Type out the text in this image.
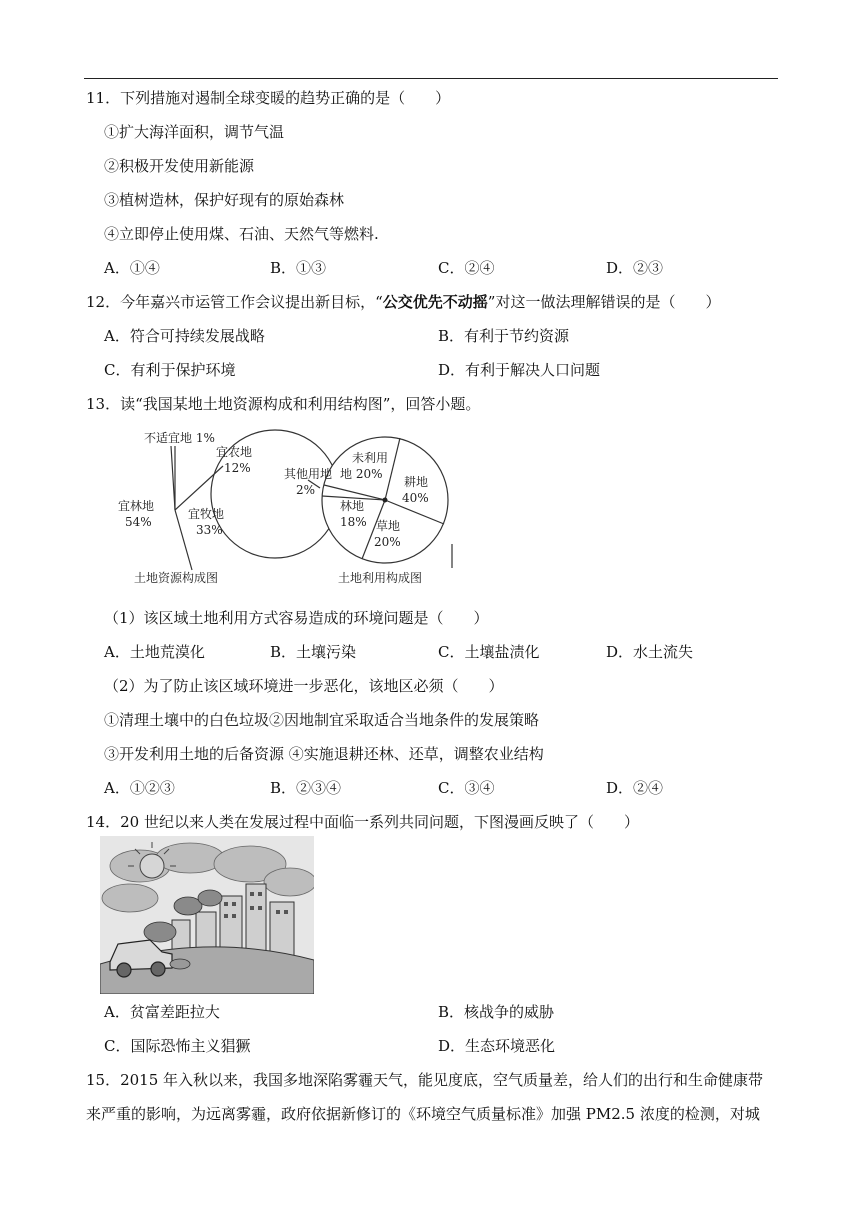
11．下列措施对遏制全球变暖的趋势正确的是（　　）
①扩大海洋面积，调节气温
②积极开发使用新能源
③植树造林，保护好现有的原始森林
④立即停止使用煤、石油、天然气等燃料.
A．①④	B．①③	C．②④	D．②③
12．今年嘉兴市运管工作会议提出新目标，“公交优先不动摇”对这一做法理解错误的是（　　）
A．符合可持续发展战略	B．有利于节约资源
C．有利于保护环境	D．有利于解决人口问题
13．读“我国某地土地资源构成和利用结构图”，回答小题。
不适宜地 1%
宜农地
12%
宜林地
54%
宜牧地
33%
土地资源构成图
其他用地
2%
未利用
地 20%
耕地
40%
林地
18% 草地
20%
土地利用构成图
（1）该区域土地利用方式容易造成的环境问题是（　　）
A．土地荒漠化	B．土壤污染	C．土壤盐渍化	D．水土流失
（2）为了防止该区域环境进一步恶化，该地区必须（　　）
①清理土壤中的白色垃圾②因地制宜采取适合当地条件的发展策略
③开发利用土地的后备资源 ④实施退耕还林、还草，调整农业结构
A．①②③	B．②③④	C．③④	D．②④
14．20 世纪以来人类在发展过程中面临一系列共同问题，下图漫画反映了（　　）
A．贫富差距拉大	B．核战争的威胁
C．国际恐怖主义猖獗	D．生态环境恶化
15．2015 年入秋以来，我国多地深陷雾霾天气，能见度底，空气质量差，给人们的出行和生命健康带
来严重的影响，为远离雾霾，政府依据新修订的《环境空气质量标准》加强 PM2.5 浓度的检测，对城
